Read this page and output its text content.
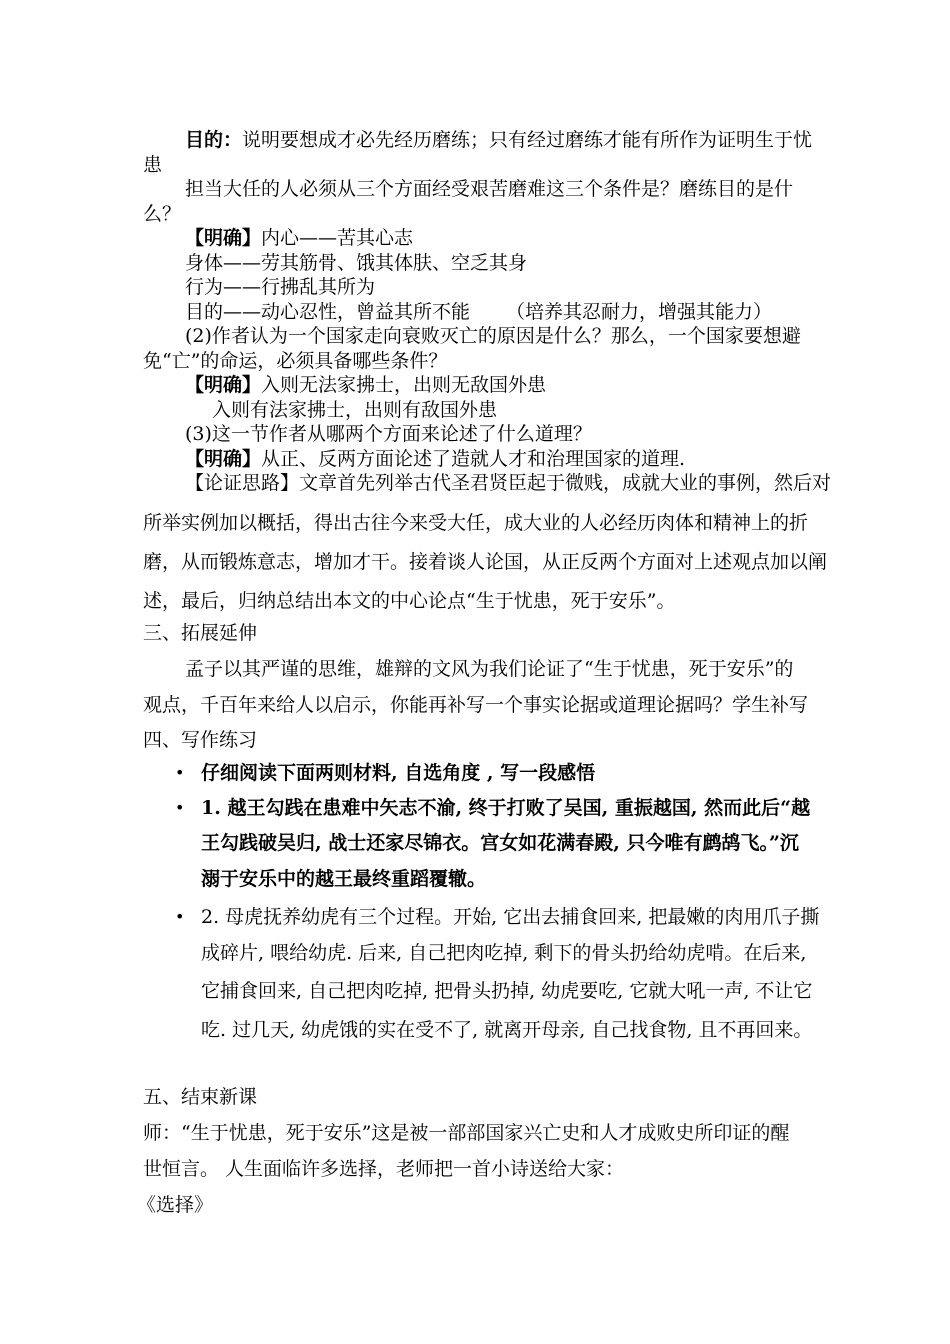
目的：说明要想成才必先经历磨练；只有经过磨练才能有所作为证明生于忧
患
担当大任的人必须从三个方面经受艰苦磨难这三个条件是？磨练目的是什
么？
【明确】内心——苦其心志
身体——劳其筋骨、饿其体肤、空乏其身
行为——行拂乱其所为
目的——动心忍性，曾益其所不能 （培养其忍耐力，增强其能力）
(2)作者认为一个国家走向衰败灭亡的原因是什么？那么，一个国家要想避
免“亡”的命运，必须具备哪些条件？
【明确】入则无法家拂士，出则无敌国外患
入则有法家拂士，出则有敌国外患
(3)这一节作者从哪两个方面来论述了什么道理？
【明确】从正、反两方面论述了造就人才和治理国家的道理.
【论证思路】文章首先列举古代圣君贤臣起于微贱，成就大业的事例，然后对
所举实例加以概括，得出古往今来受大任，成大业的人必经历肉体和精神上的折
磨，从而锻炼意志，增加才干。接着谈人论国，从正反两个方面对上述观点加以阐
述，最后，归纳总结出本文的中心论点“生于忧患，死于安乐”。
三、拓展延伸
孟子以其严谨的思维，雄辩的文风为我们论证了“生于忧患，死于安乐”的
观点，千百年来给人以启示，你能再补写一个事实论据或道理论据吗？学生补写
四、写作练习
• 仔细阅读下面两则材料, 自选角度 , 写一段感悟
• 1. 越王勾践在患难中矢志不渝, 终于打败了吴国, 重振越国, 然而此后“越
王勾践破吴归, 战士还家尽锦衣。宫女如花满春殿, 只今唯有鹧鸪飞。”沉
溺于安乐中的越王最终重蹈覆辙。
• 2. 母虎抚养幼虎有三个过程。开始, 它出去捕食回来, 把最嫩的肉用爪子撕
成碎片, 喂给幼虎. 后来, 自己把肉吃掉, 剩下的骨头扔给幼虎啃。在后来,
它捕食回来, 自己把肉吃掉, 把骨头扔掉, 幼虎要吃, 它就大吼一声, 不让它
吃. 过几天, 幼虎饿的实在受不了, 就离开母亲, 自己找食物, 且不再回来。
五、结束新课
师：“生于忧患，死于安乐”这是被一部部国家兴亡史和人才成败史所印证的醒
世恒言。 人生面临许多选择，老师把一首小诗送给大家：
《选择》
